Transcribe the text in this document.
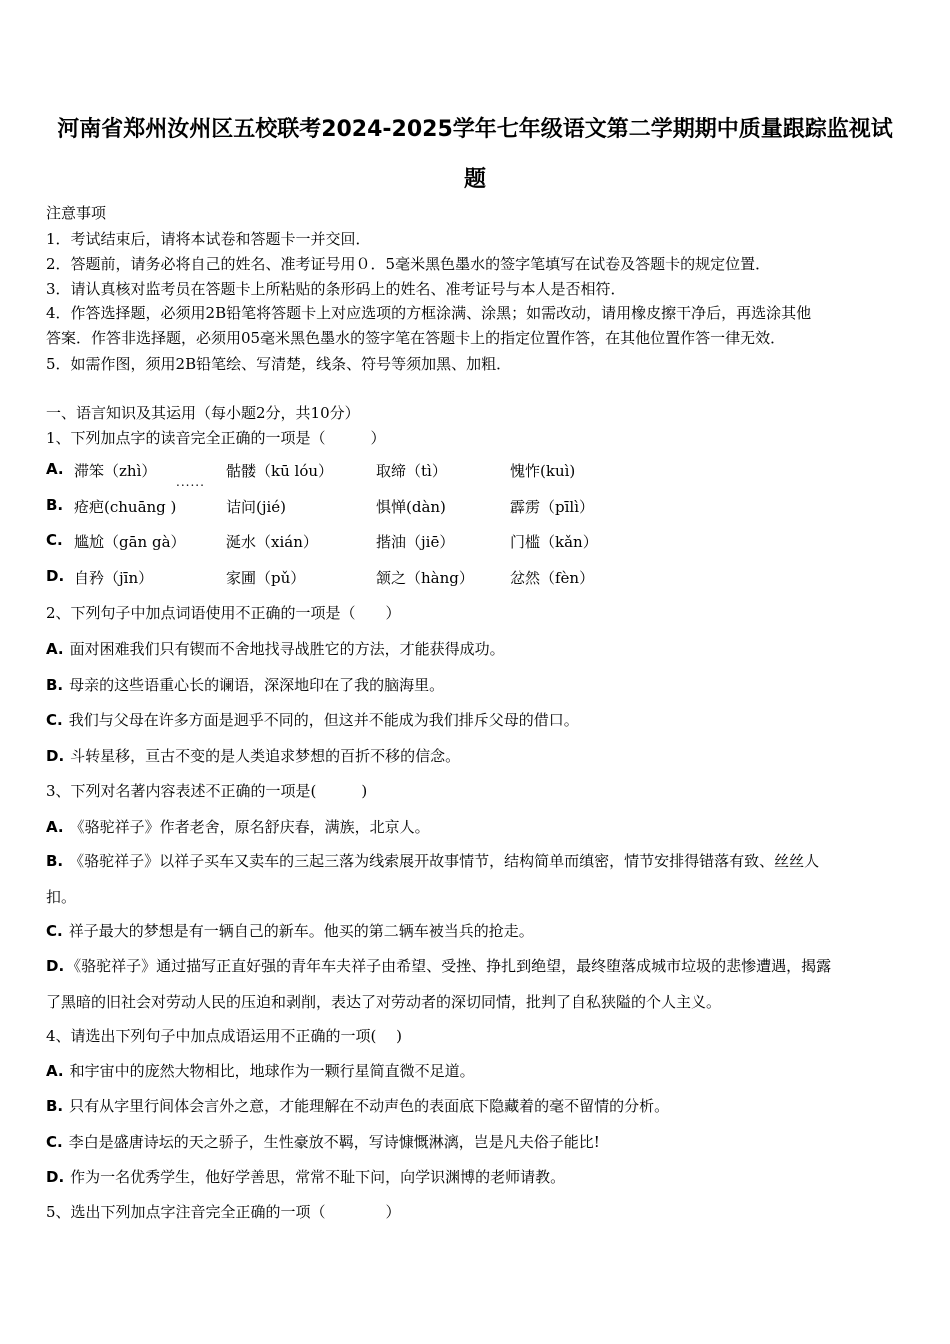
河南省郑州汝州区五校联考2024-2025学年七年级语文第二学期期中质量跟踪监视试
题
注意事项
1．考试结束后，请将本试卷和答题卡一并交回．
2．答题前，请务必将自己的姓名、准考证号用０．5毫米黑色墨水的签字笔填写在试卷及答题卡的规定位置．
3．请认真核对监考员在答题卡上所粘贴的条形码上的姓名、准考证号与本人是否相符．
4．作答选择题，必须用2B铅笔将答题卡上对应选项的方框涂满、涂黑；如需改动，请用橡皮擦干净后，再选涂其他
答案．作答非选择题，必须用05毫米黑色墨水的签字笔在答题卡上的指定位置作答，在其他位置作答一律无效．
5．如需作图，须用2B铅笔绘、写清楚，线条、符号等须加黑、加粗．
一、语言知识及其运用（每小题2分，共10分）
1、下列加点字的读音完全正确的一项是（　　　）
......
A. 滞笨（zhì）	骷髅（kū lóu）	取缔（tì）	愧怍(kuì)
B. 疮疤(chuāng )	诘问(jié)	惧惮(dàn)	霹雳（pīlì）
C. 尴尬（gān gà）	涎水（xián）	揩油（jiē）	门槛（kǎn）
D. 自矜（jīn）	家圃（pǔ）	颔之（hàng） 忿然（fèn）
2、下列句子中加点词语使用不正确的一项是（　　）
A. 面对困难我们只有锲而不舍地找寻战胜它的方法，才能获得成功。
B. 母亲的这些语重心长的谰语，深深地印在了我的脑海里。
C. 我们与父母在许多方面是迥乎不同的，但这并不能成为我们排斥父母的借口。
D. 斗转星移，亘古不变的是人类追求梦想的百折不移的信念。
3、下列对名著内容表述不正确的一项是(　　　)
A. 《骆驼祥子》作者老舍，原名舒庆春，满族，北京人。
B. 《骆驼祥子》以祥子买车又卖车的三起三落为线索展开故事情节，结构简单而缜密，情节安排得错落有致、丝丝人
扣。
C. 祥子最大的梦想是有一辆自己的新车。他买的第二辆车被当兵的抢走。
D. 《骆驼祥子》通过描写正直好强的青年车夫祥子由希望、受挫、挣扎到绝望，最终堕落成城市垃圾的悲惨遭遇，揭露
了黑暗的旧社会对劳动人民的压迫和剥削，表达了对劳动者的深切同情，批判了自私狭隘的个人主义。
4、请选出下列句子中加点成语运用不正确的一项(　 )
A. 和宇宙中的庞然大物相比，地球作为一颗行星简直微不足道。
B. 只有从字里行间体会言外之意，才能理解在不动声色的表面底下隐藏着的毫不留情的分析。
C. 李白是盛唐诗坛的天之骄子，生性豪放不羁，写诗慷慨淋漓，岂是凡夫俗子能比!
D. 作为一名优秀学生，他好学善思，常常不耻下问，向学识渊博的老师请教。
5、选出下列加点字注音完全正确的一项（　　　　）
